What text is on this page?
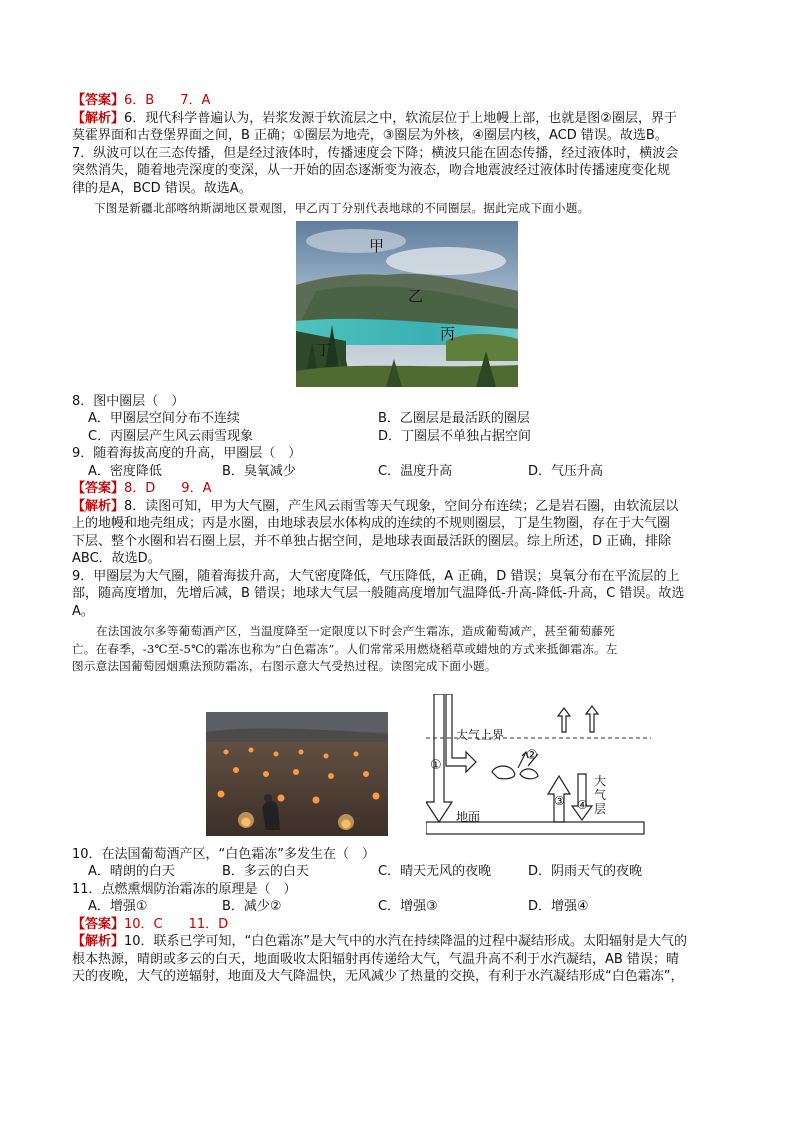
【答案】6．B　　7．A
【解析】6．现代科学普遍认为，岩浆发源于软流层之中，软流层位于上地幔上部，也就是图②圈层，界于
莫霍界面和古登堡界面之间，B 正确；①圈层为地壳，③圈层为外核，④圈层内核，ACD 错误。故选B。
7．纵波可以在三态传播，但是经过液体时，传播速度会下降；横波只能在固态传播，经过液体时，横波会
突然消失，随着地壳深度的变深，从一开始的固态逐渐变为液态，吻合地震波经过液体时传播速度变化规
律的是A，BCD 错误。故选A。
下图是新疆北部喀纳斯湖地区景观图，甲乙丙丁分别代表地球的不同圈层。据此完成下面小题。
甲
乙
丙
丁
8．图中圈层（　）
A．甲圈层空间分布不连续	B．乙圈层是最活跃的圈层
C．丙圈层产生风云雨雪现象	D．丁圈层不单独占据空间
9．随着海拔高度的升高，甲圈层（　）
A．密度降低	B．臭氧减少	C．温度升高	D．气压升高
【答案】8．D　　9．A
【解析】8．读图可知，甲为大气圈，产生风云雨雪等天气现象，空间分布连续；乙是岩石圈，由软流层以
上的地幔和地壳组成；丙是水圈，由地球表层水体构成的连续的不规则圈层，丁是生物圈，存在于大气圈
下层、整个水圈和岩石圈上层，并不单独占据空间，是地球表面最活跃的圈层。综上所述，D 正确，排除
ABC．故选D。
9．甲圈层为大气圈，随着海拔升高，大气密度降低，气压降低，A 正确，D 错误；臭氧分布在平流层的上
部，随高度增加，先增后减，B 错误；地球大气层一般随高度增加气温降低-升高-降低-升高，C 错误。故选
A。
在法国波尔多等葡萄酒产区，当温度降至一定限度以下时会产生霜冻，造成葡萄减产，甚至葡萄藤死
亡。在春季，-3℃至-5℃的霜冻也称为“白色霜冻”。人们常常采用燃烧稻草或蜡烛的方式来抵御霜冻。左
图示意法国葡萄园烟熏法预防霜冻，右图示意大气受热过程。读图完成下面小题。
大气上界
地面
①
②
③ ④
大
气
层
10．在法国葡萄酒产区，“白色霜冻”多发生在（　）
A．晴朗的白天	B．多云的白天	C．晴天无风的夜晚	D．阴雨天气的夜晚
11．点燃熏烟防治霜冻的原理是（　）
A．增强①	B．减少②	C．增强③	D．增强④
【答案】10．C　　11．D
【解析】10．联系已学可知，“白色霜冻”是大气中的水汽在持续降温的过程中凝结形成。太阳辐射是大气的
根本热源，晴朗或多云的白天，地面吸收太阳辐射再传递给大气，气温升高不利于水汽凝结，AB 错误；晴
天的夜晚，大气的逆辐射，地面及大气降温快，无风减少了热量的交换，有利于水汽凝结形成“白色霜冻”，
